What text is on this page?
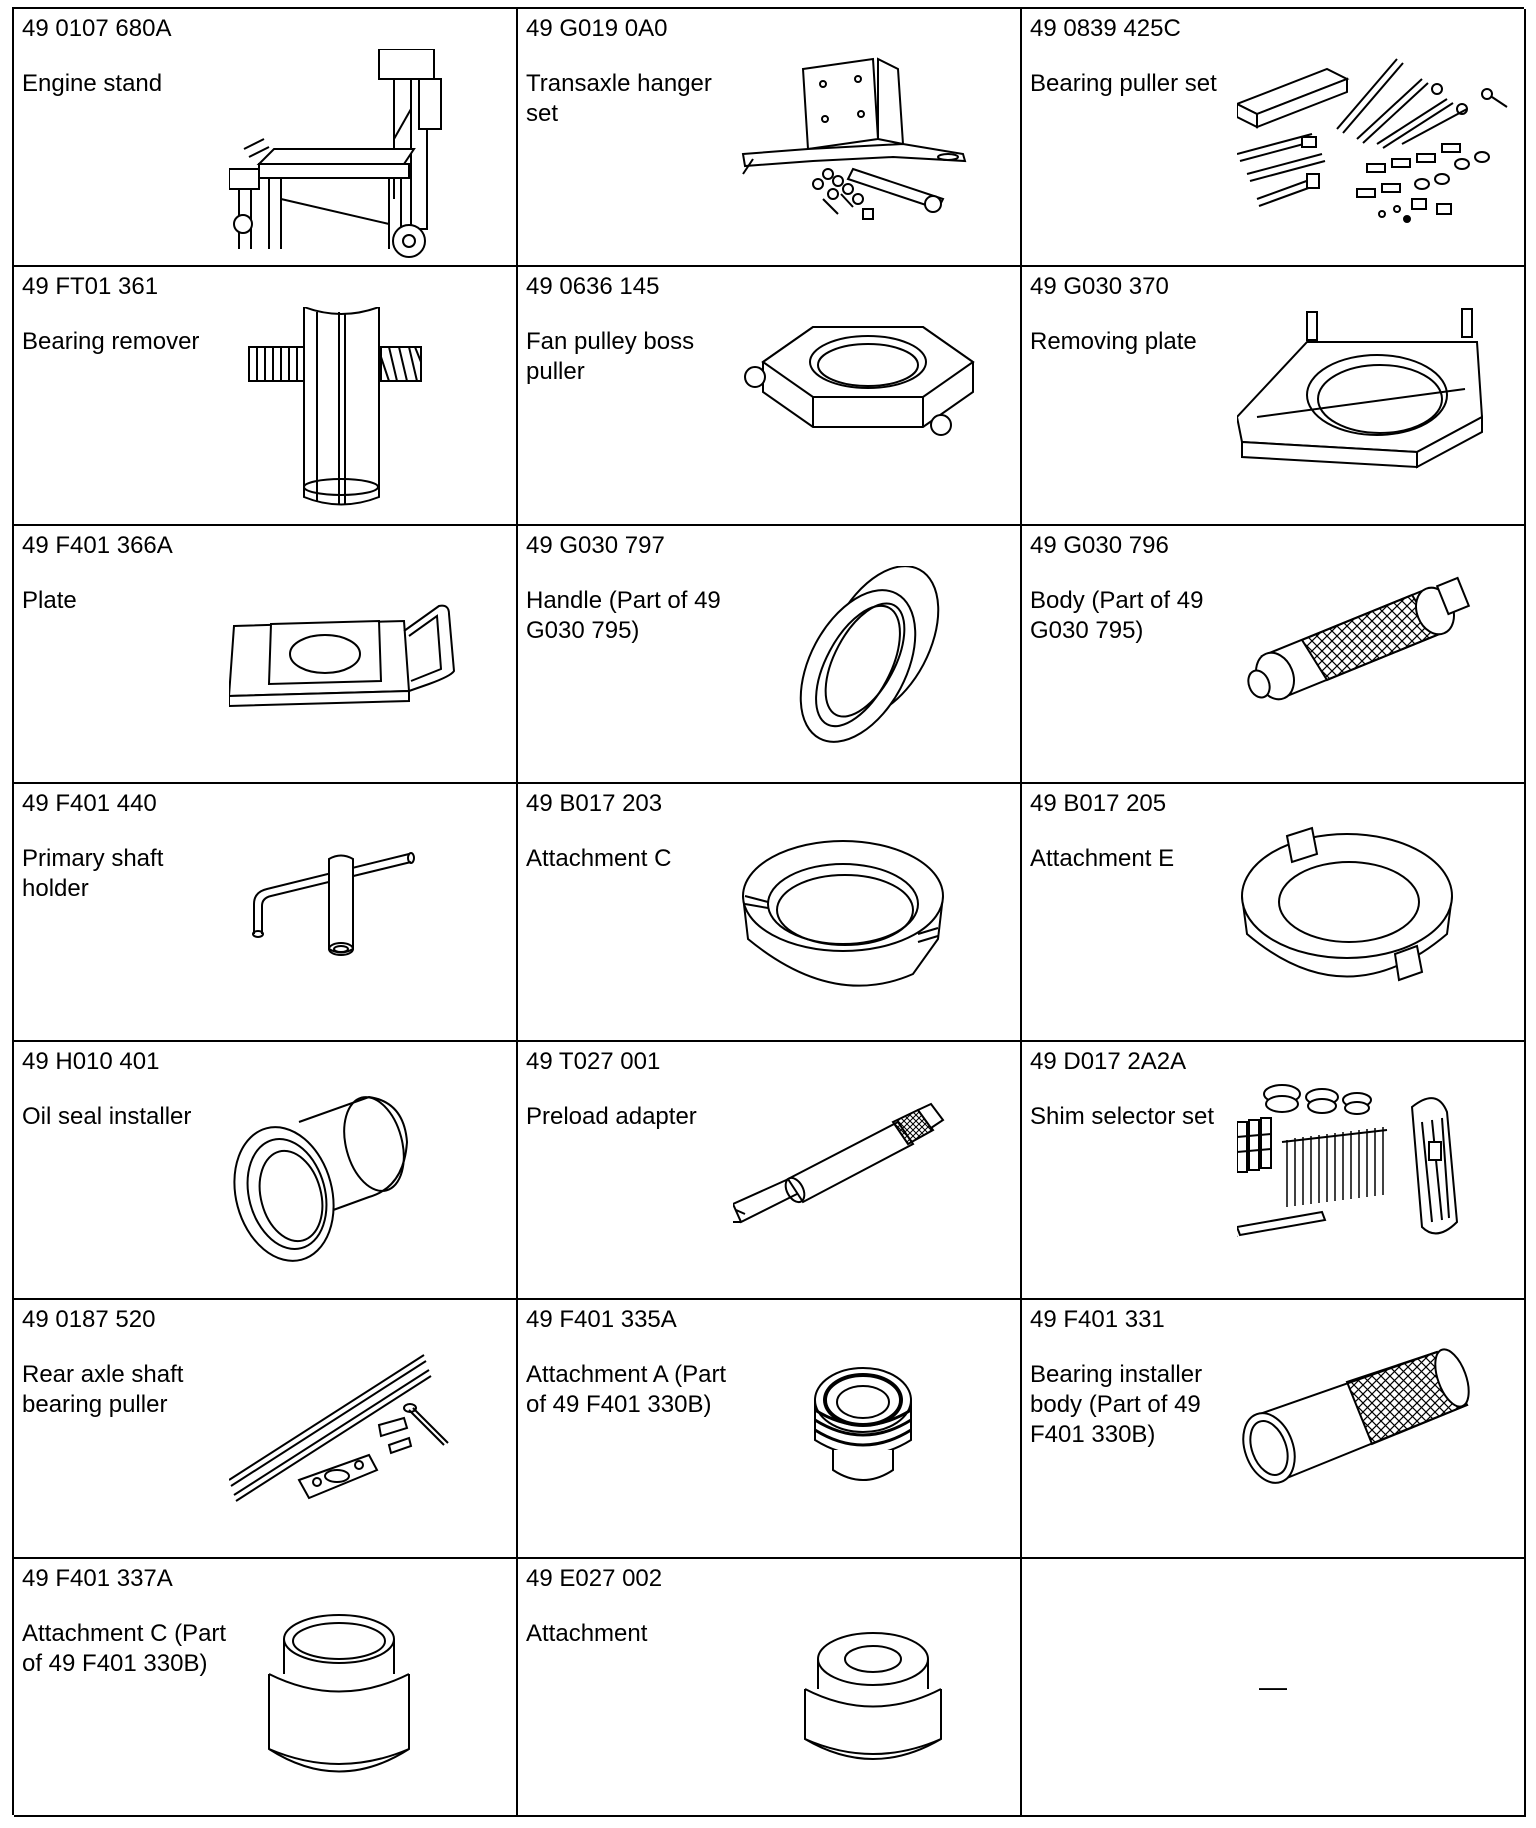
49 0107 680A
Engine stand
49 G019 0A0
Transaxle hanger set
49 0839 425C
Bearing puller set
49 FT01 361
Bearing remover
49 0636 145
Fan pulley boss puller
49 G030 370
Removing plate
49 F401 366A
Plate
49 G030 797
Handle (Part of 49 G030 795)
49 G030 796
Body (Part of 49 G030 795)
49 F401 440
Primary shaft holder
49 B017 203
Attachment C
49 B017 205
Attachment E
49 H010 401
Oil seal installer
49 T027 001
Preload adapter
49 D017 2A2A
Shim selector set
49 0187 520
Rear axle shaft bearing puller
49 F401 335A
Attachment A (Part of 49 F401 330B)
49 F401 331
Bearing installer body (Part of 49 F401 330B)
49 F401 337A
Attachment C (Part of 49 F401 330B)
49 E027 002
Attachment
—
